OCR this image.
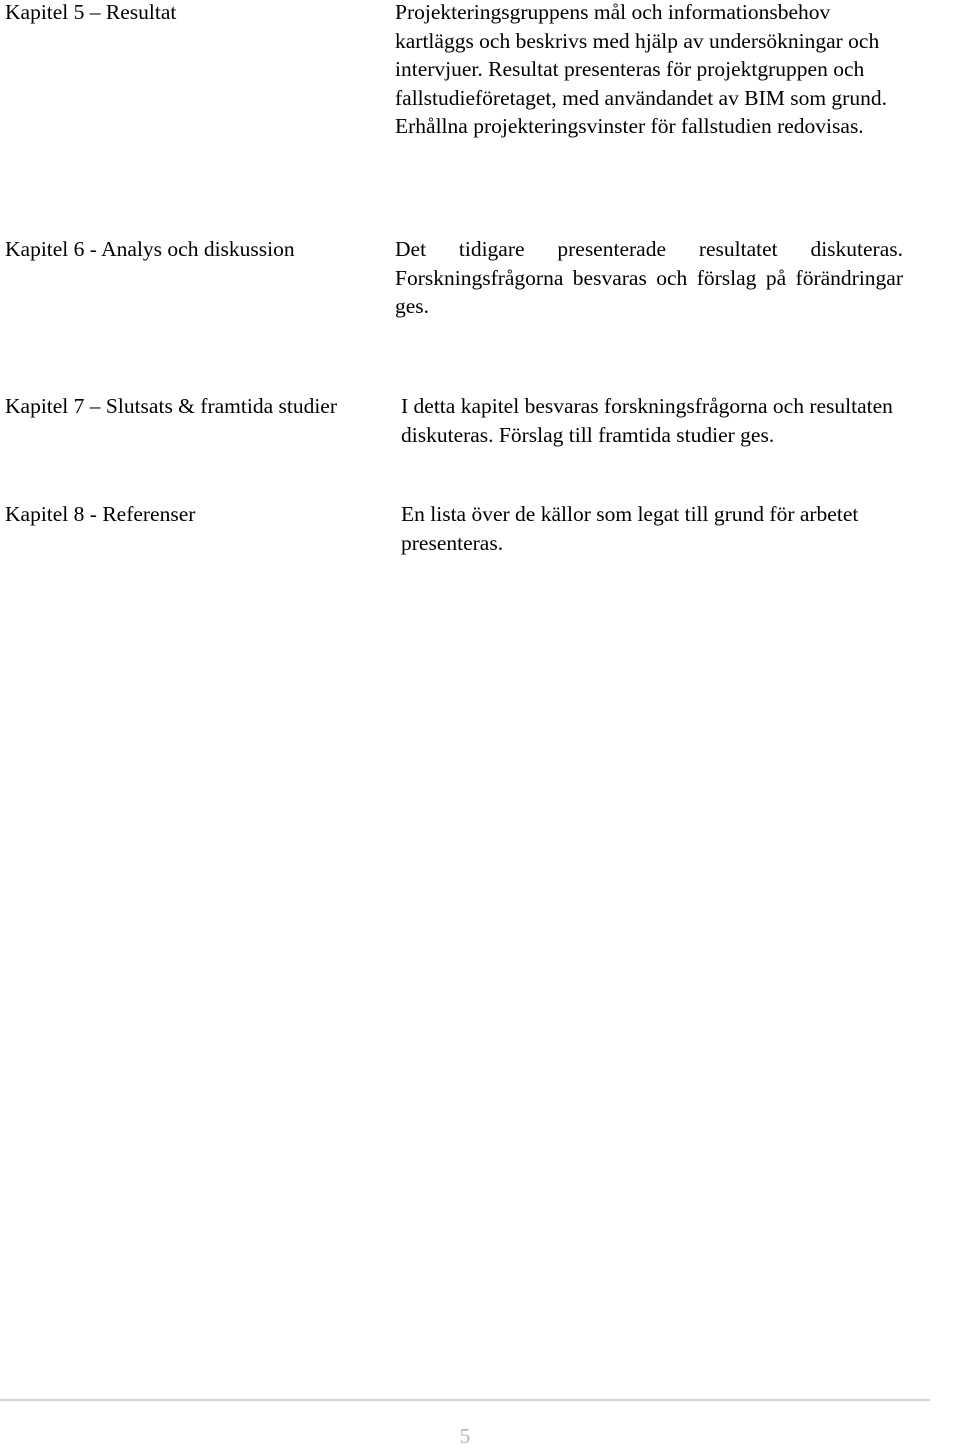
Kapitel 5 – Resultat	Projekteringsgruppens mål och informationsbehov kartläggs och beskrivs med hjälp av undersökningar och intervjuer. Resultat presenteras för projektgruppen och fallstudieföretaget, med användandet av BIM som grund. Erhållna projekteringsvinster för fallstudien redovisas.

Kapitel 6 - Analys och diskussion	Det tidigare presenterade resultatet diskuteras. Forskningsfrågorna besvaras och förslag på förändringar ges.

Kapitel 7 – Slutsats & framtida studier	I detta kapitel besvaras forskningsfrågorna och resultaten diskuteras. Förslag till framtida studier ges.

Kapitel 8 - Referenser	En lista över de källor som legat till grund för arbetet presenteras.

5
